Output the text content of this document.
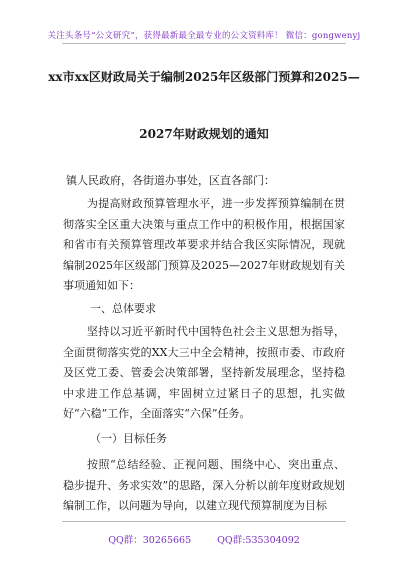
关注头条号“公文研究”，获得最新最全最专业的公文资料库！ 微信：gongwenyj
xx市xx区财政局关于编制2025年区级部门预算和2025—
2027年财政规划的通知
镇人民政府，各街道办事处，区直各部门：
为提高财政预算管理水平，进一步发挥预算编制在贯彻落实全区重大决策与重点工作中的积极作用，根据国家和省市有关预算管理改革要求并结合我区实际情况，现就编制2025年区级部门预算及2025—2027年财政规划有关事项通知如下：
一、总体要求
坚持以习近平新时代中国特色社会主义思想为指导，全面贯彻落实党的XX大三中全会精神，按照市委、市政府及区党工委、管委会决策部署，坚持新发展理念，坚持稳中求进工作总基调，牢固树立过紧日子的思想，扎实做好“六稳”工作，全面落实“六保”任务。
（一）目标任务
按照“总结经验、正视问题、围绕中心、突出重点、稳步提升、务求实效”的思路，深入分析以前年度财政规划编制工作，以问题为导向，以建立现代预算制度为目标
QQ群：30265665	QQ群:535304092
